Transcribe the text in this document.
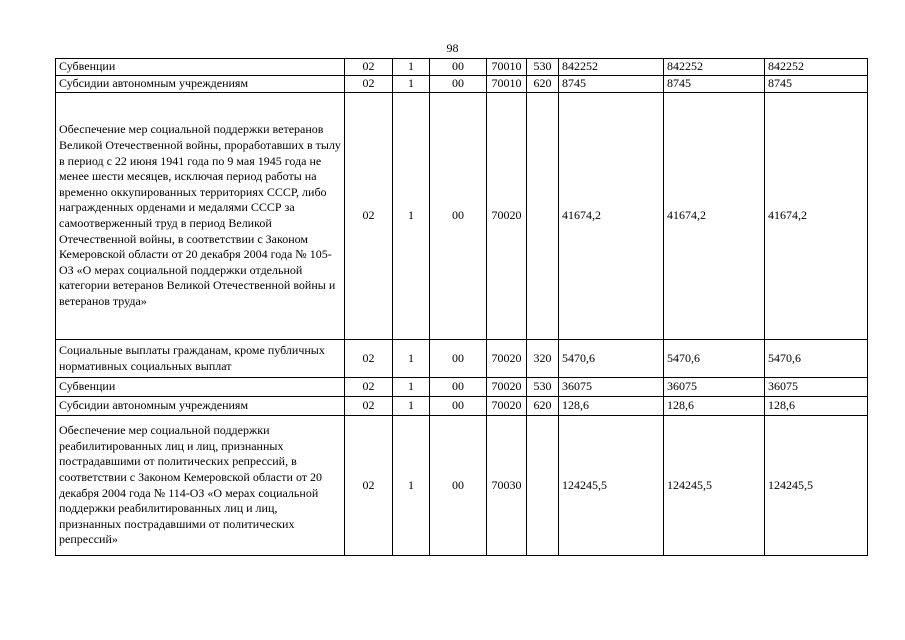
98
Субвенции	02	1	00	70010	530	842252	842252	842252
Субсидии автономным учреждениям	02	1	00	70010	620	8745	8745	8745
Обеспечение мер социальной поддержки ветеранов Великой Отечественной войны, проработавших в тылу в период с 22 июня 1941 года по 9 мая 1945 года не менее шести месяцев, исключая период работы на временно оккупированных территориях СССР, либо награжденных орденами и медалями СССР за самоотверженный труд в период Великой Отечественной войны, в соответствии с Законом Кемеровской области от 20 декабря 2004 года № 105-ОЗ «О мерах социальной поддержки отдельной категории ветеранов Великой Отечественной войны и ветеранов труда»	02	1	00	70020		41674,2	41674,2	41674,2
Социальные выплаты гражданам, кроме публичных нормативных социальных выплат	02	1	00	70020	320	5470,6	5470,6	5470,6
Субвенции	02	1	00	70020	530	36075	36075	36075
Субсидии автономным учреждениям	02	1	00	70020	620	128,6	128,6	128,6
Обеспечение мер социальной поддержки реабилитированных лиц и лиц, признанных пострадавшими от политических репрессий, в соответствии с Законом Кемеровской области от 20 декабря 2004 года № 114-ОЗ «О мерах социальной поддержки реабилитированных лиц и лиц, признанных пострадавшими от политических репрессий»	02	1	00	70030		124245,5	124245,5	124245,5
